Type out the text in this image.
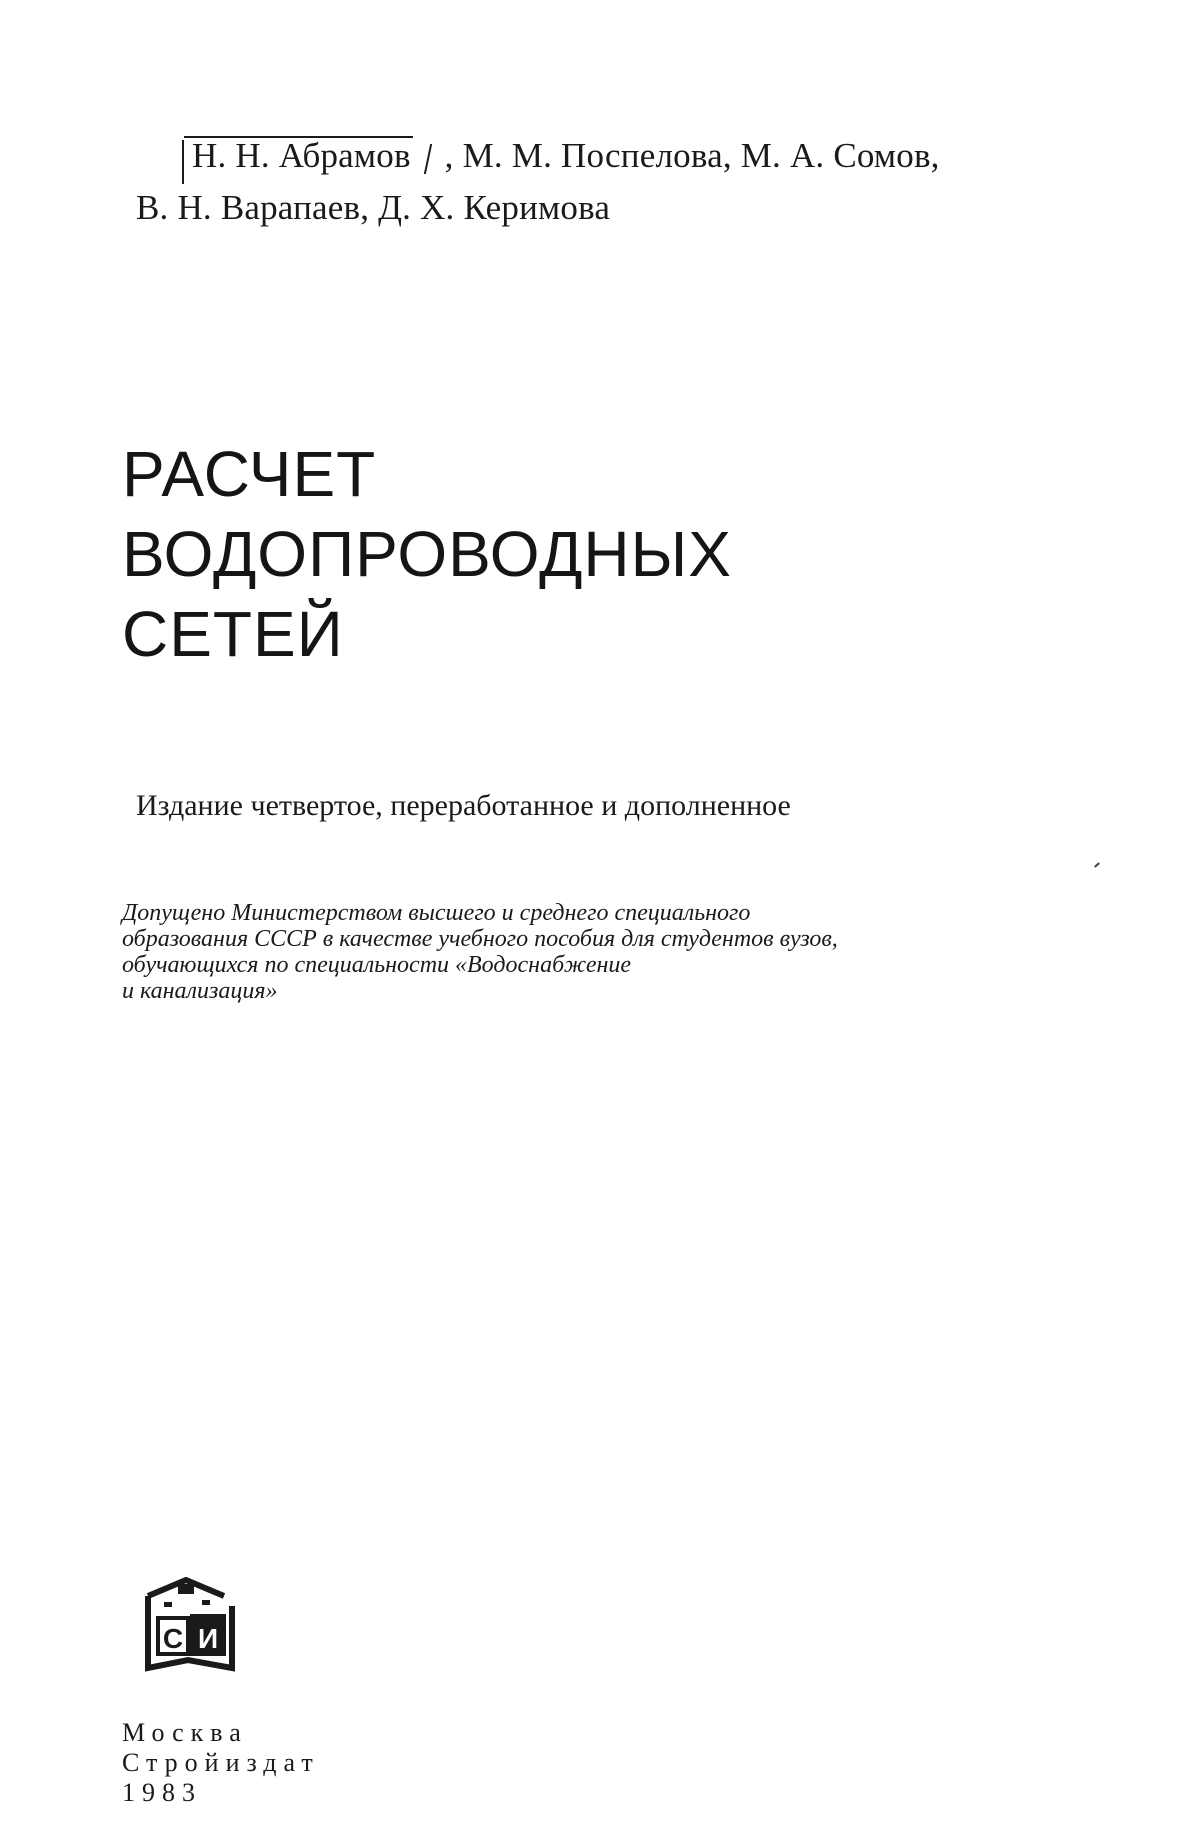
Н. Н. Абрамов , М. М. Поспелова, М. А. Сомов,
В. Н. Варапаев, Д. Х. Керимова
РАСЧЕТ
ВОДОПРОВОДНЫХ
СЕТЕЙ
Издание четвертое, переработанное и дополненное
Допущено Министерством высшего и среднего специального
образования СССР в качестве учебного пособия для студентов вузов,
обучающихся по специальности «Водоснабжение
и канализация»
С И
Москва
Стройиздат
1983
